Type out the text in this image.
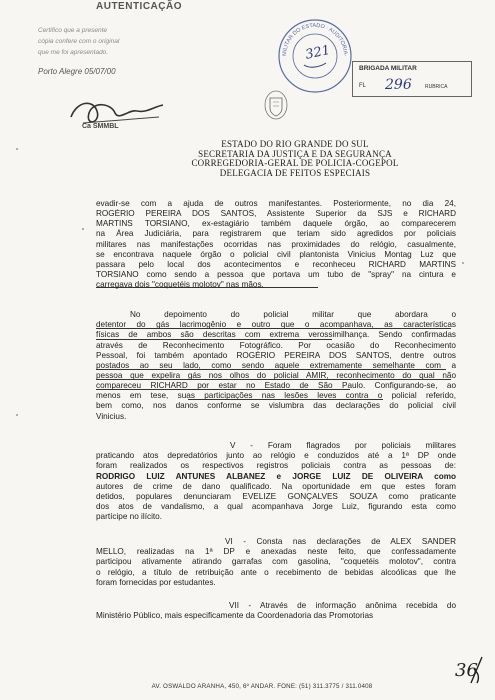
AUTENTICAÇÃO
Certifico que a presente
cópia confere com o original
que me foi apresentado.
Porto Alegre 05/07/00
Ca SMMBL
MILITAR DO ESTADO · AUDITORIA·
321
BRIGADA MILITAR
FL 296	RUBRICA
ESTADO DO RIO GRANDE DO SUL
SECRETARIA DA JUSTIÇA E DA SEGURANÇA
CORREGEDORIA-GERAL DE POLICIA-COGEPOL
DELEGACIA DE FEITOS ESPECIAIS
evadir-se com a ajuda de outros manifestantes. Posteriormente, no dia 24,
ROGÉRIO PEREIRA DOS SANTOS, Assistente Superior da SJS e RICHARD
MARTINS TORSIANO, ex-estagiário também daquele órgão, ao comparecerem
na Área Judiciária, para registrarem que teriam sido agredidos por policiais
militares nas manifestações ocorridas nas proximidades do relógio, casualmente,
se encontrava naquele órgão o policial civil plantonista Vinicius Montag Luz que
passara pelo local dos acontecimentos e reconheceu RICHARD MARTINS
TORSIANO como sendo a pessoa que portava um tubo de "spray" na cintura e
carregava dois "coquetéis molotov" nas mãos.
No depoimento do policial militar que abordara o
detentor do gás lacrimogênio e outro que o acompanhava, as características
físicas de ambos são descritas com extrema verossimilhança. Sendo confirmadas
através de Reconhecimento Fotográfico. Por ocasião do Reconhecimento
Pessoal, foi também apontado ROGÉRIO PEREIRA DOS SANTOS, dentre outros
postados ao seu lado, como sendo aquele extremamente semelhante com a
pessoa que expelira gás nos olhos do policial AMIR, reconhecimento do qual não
compareceu RICHARD por estar no Estado de São Paulo. Configurando-se, ao
menos em tese, suas participações nas lesões leves contra o policial referido,
bem como, nos danos conforme se vislumbra das declarações do policial civil
Vinicius.
V - Foram flagrados por policiais militares
praticando atos depredatórios junto ao relógio e conduzidos até a 1ª DP onde
foram realizados os respectivos registros policiais contra as pessoas de:
RODRIGO LUIZ ANTUNES ALBANEZ e JORGE LUIZ DE OLIVEIRA como
autores de crime de dano qualificado. Na oportunidade em que estes foram
detidos, populares denunciaram EVELIZE GONÇALVES SOUZA como praticante
dos atos de vandalismo, a qual acompanhava Jorge Luiz, figurando esta como
partícipe no ilícito.
VI - Consta nas declarações de ALEX SANDER
MELLO, realizadas na 1ª DP e anexadas neste feito, que confessadamente
participou ativamente atirando garrafas com gasolina, "coquetéis molotov", contra
o relógio, a título de retribuição ante o recebimento de bebidas alcoólicas que lhe
foram fornecidas por estudantes.
VII - Através de informação anônima recebida do
Ministério Público, mais especificamente da Coordenadoria das Promotorias
AV. OSWALDO ARANHA, 450, 6º ANDAR. FONE: (51) 311.3775 / 311.0408
36
